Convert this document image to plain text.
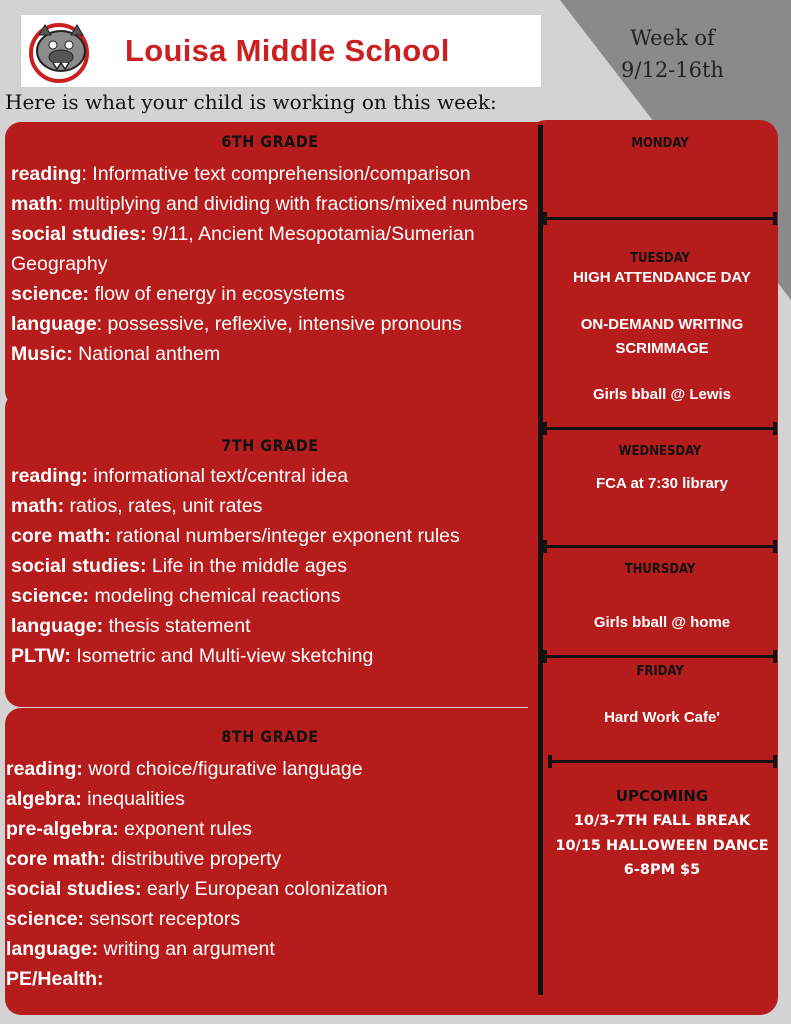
Louisa Middle School	Week of
9/12-16th
Here is what your child is working on this week:
6TH GRADE
reading: Informative text comprehension/comparison
math: multiplying and dividing with fractions/mixed numbers
social studies: 9/11, Ancient Mesopotamia/Sumerian Geography
science: flow of energy in ecosystems
language: possessive, reflexive, intensive pronouns
Music: National anthem
7TH GRADE
reading: informational text/central idea
math: ratios, rates, unit rates
core math: rational numbers/integer exponent rules
social studies: Life in the middle ages
science: modeling chemical reactions
language: thesis statement
PLTW: Isometric and Multi-view sketching
8TH GRADE
reading: word choice/figurative language
algebra: inequalities
pre-algebra: exponent rules
core math: distributive property
social studies: early European colonization
science: sensort receptors
language: writing an argument
PE/Health:
MONDAY
TUESDAY
HIGH ATTENDANCE DAY
ON-DEMAND WRITING SCRIMMAGE
Girls bball @ Lewis
WEDNESDAY
FCA at 7:30 library
THURSDAY
Girls bball @ home
FRIDAY
Hard Work Cafe'
UPCOMING
10/3-7TH FALL BREAK
10/15 HALLOWEEN DANCE
6-8PM $5
